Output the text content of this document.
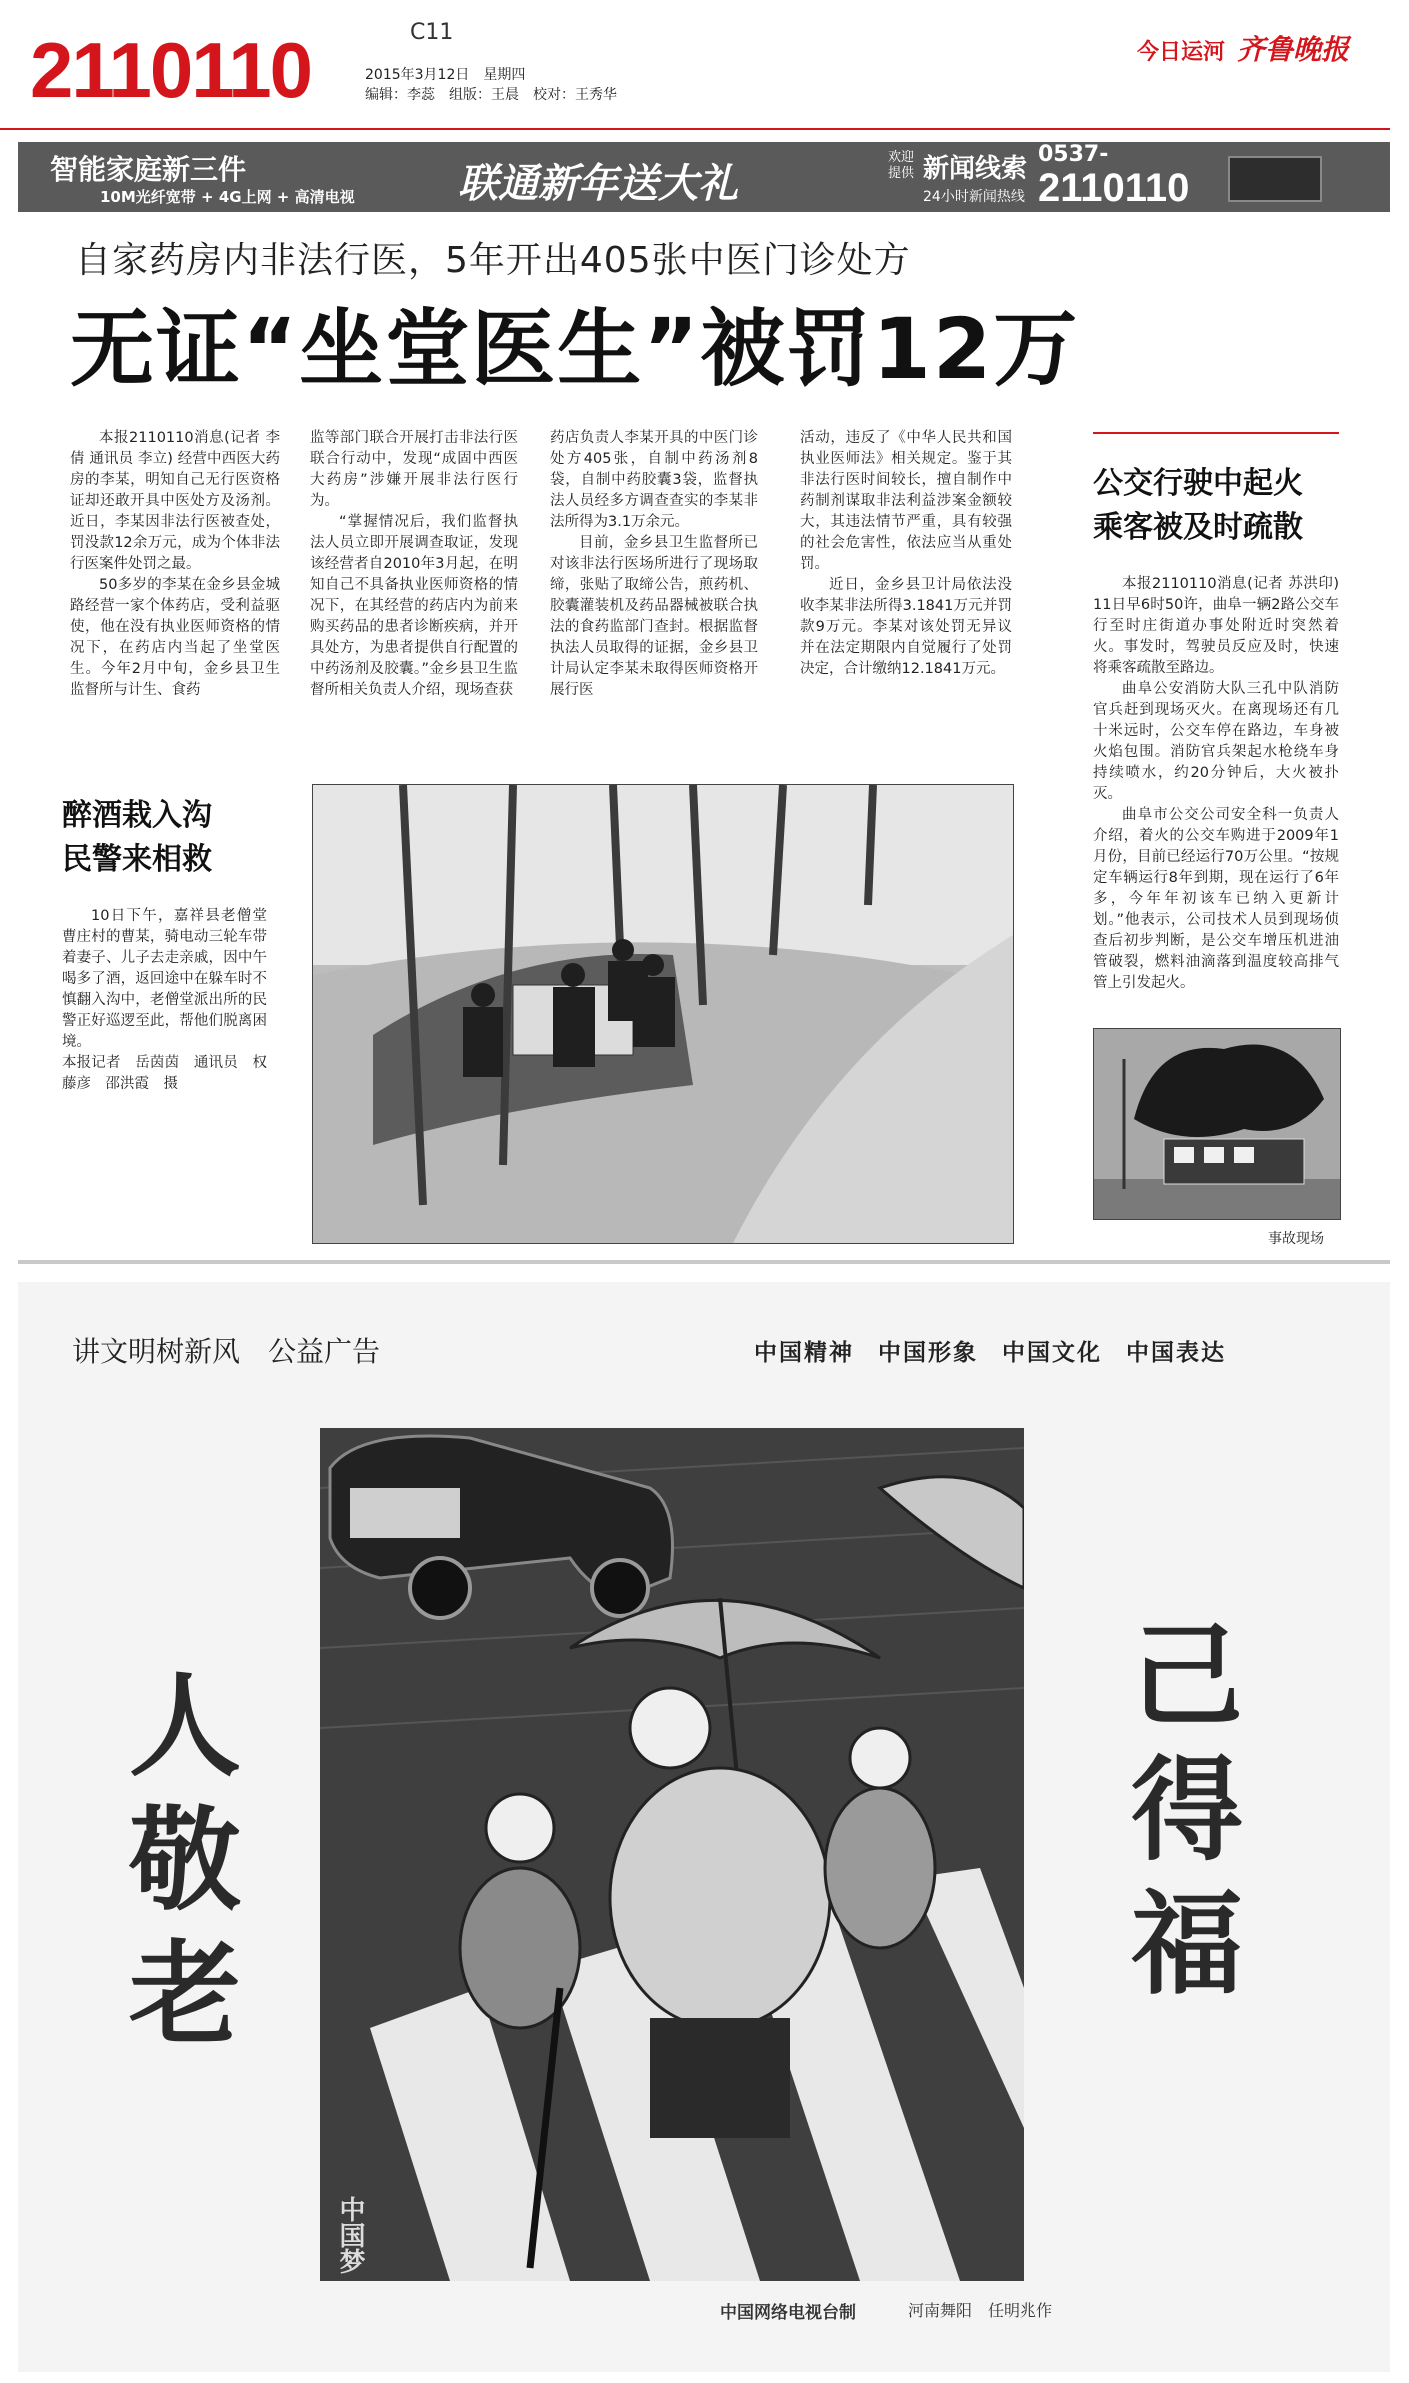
2110110	C11
2015年3月12日　星期四
编辑：李蕊　组版：王晨　校对：王秀华
今日运河 齐鲁晚报
智能家庭新三件
10M光纤宽带 + 4G上网 + 高清电视	联通新年送大礼
欢迎提供 新闻线索
24小时新闻热线
0537-
2110110
自家药房内非法行医，5年开出405张中医门诊处方
无证“坐堂医生”被罚12万

本报2110110消息(记者 李倩 通讯员 李立) 经营中西医大药房的李某，明知自己无行医资格证却还敢开具中医处方及汤剂。近日，李某因非法行医被查处，罚没款12余万元，成为个体非法行医案件处罚之最。

50多岁的李某在金乡县金城路经营一家个体药店，受利益驱使，他在没有执业医师资格的情况下，在药店内当起了坐堂医生。今年2月中旬，金乡县卫生监督所与计生、食药

监等部门联合开展打击非法行医联合行动中，发现“成固中西医大药房”涉嫌开展非法行医行为。

“掌握情况后，我们监督执法人员立即开展调查取证，发现该经营者自2010年3月起，在明知自己不具备执业医师资格的情况下，在其经营的药店内为前来购买药品的患者诊断疾病，并开具处方，为患者提供自行配置的中药汤剂及胶囊。”金乡县卫生监督所相关负责人介绍，现场查获

药店负责人李某开具的中医门诊处方405张，自制中药汤剂8袋，自制中药胶囊3袋，监督执法人员经多方调查查实的李某非法所得为3.1万余元。

目前，金乡县卫生监督所已对该非法行医场所进行了现场取缔，张贴了取缔公告，煎药机、胶囊灌装机及药品器械被联合执法的食药监部门查封。根据监督执法人员取得的证据，金乡县卫计局认定李某未取得医师资格开展行医

活动，违反了《中华人民共和国执业医师法》相关规定。鉴于其非法行医时间较长，擅自制作中药制剂谋取非法利益涉案金额较大，其违法情节严重，具有较强的社会危害性，依法应当从重处罚。

近日，金乡县卫计局依法没收李某非法所得3.1841万元并罚款9万元。李某对该处罚无异议并在法定期限内自觉履行了处罚决定，合计缴纳12.1841万元。

醉酒栽入沟
民警来相救

10日下午，嘉祥县老僧堂曹庄村的曹某，骑电动三轮车带着妻子、儿子去走亲戚，因中午喝多了酒，返回途中在躲车时不慎翻入沟中，老僧堂派出所的民警正好巡逻至此，帮他们脱离困境。

本报记者　岳茵茵　通讯员　权藤彦　邵洪霞　摄

公交行驶中起火
乘客被及时疏散

本报2110110消息(记者 苏洪印) 11日早6时50许，曲阜一辆2路公交车行至时庄街道办事处附近时突然着火。事发时，驾驶员反应及时，快速将乘客疏散至路边。

曲阜公安消防大队三孔中队消防官兵赶到现场灭火。在离现场还有几十米远时，公交车停在路边，车身被火焰包围。消防官兵架起水枪绕车身持续喷水，约20分钟后，大火被扑灭。

曲阜市公交公司安全科一负责人介绍，着火的公交车购进于2009年1月份，目前已经运行70万公里。“按规定车辆运行8年到期，现在运行了6年多，今年年初该车已纳入更新计划。”他表示，公司技术人员到现场侦查后初步判断，是公交车增压机进油管破裂，燃料油滴落到温度较高排气管上引发起火。

事故现场
讲文明树新风　公益广告	中国精神 中国形象 中国文化 中国表达
人
敬
老
己
得
福
中国梦
中国网络电视台制	河南舞阳　任明兆作
